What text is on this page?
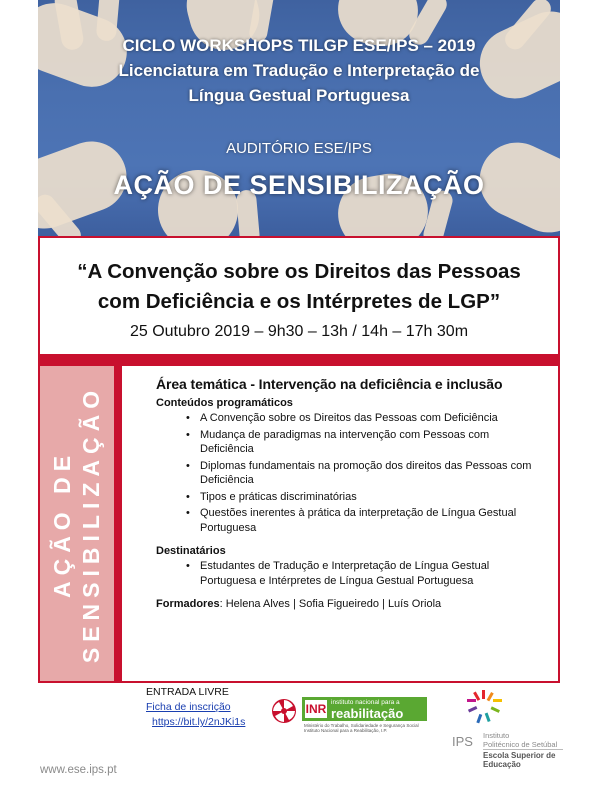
CICLO WORKSHOPS TILGP ESE/IPS – 2019
Licenciatura em Tradução e Interpretação de
Língua Gestual Portuguesa
AUDITÓRIO ESE/IPS
AÇÃO DE SENSIBILIZAÇÃO
“A Convenção sobre os Direitos das Pessoas
com Deficiência e os Intérpretes de LGP”
25 Outubro 2019 – 9h30 – 13h / 14h – 17h 30m
AÇÃO DE SENSIBILIZAÇÃO
Área temática - Intervenção na deficiência e inclusão
Conteúdos programáticos
• A Convenção sobre os Direitos das Pessoas com Deficiência
• Mudança de paradigmas na intervenção com Pessoas com Deficiência
• Diplomas fundamentais na promoção dos direitos das Pessoas com Deficiência
• Tipos e práticas discriminatórias
• Questões inerentes à prática da interpretação de Língua Gestual Portuguesa
Destinatários
• Estudantes de Tradução e Interpretação de Língua Gestual Portuguesa e Intérpretes de Língua Gestual Portuguesa
Formadores: Helena Alves | Sofia Figueiredo | Luís Oriola
ENTRADA LIVRE
Ficha de inscrição
https://bit.ly/2nJKi1s
www.ese.ips.pt
INR instituto nacional para a
reabilitação
Ministério do Trabalho, Solidariedade e Segurança Social
Instituto Nacional para a Reabilitação, I.P.
IPS Instituto
Politécnico de Setúbal
Escola Superior de
Educação
